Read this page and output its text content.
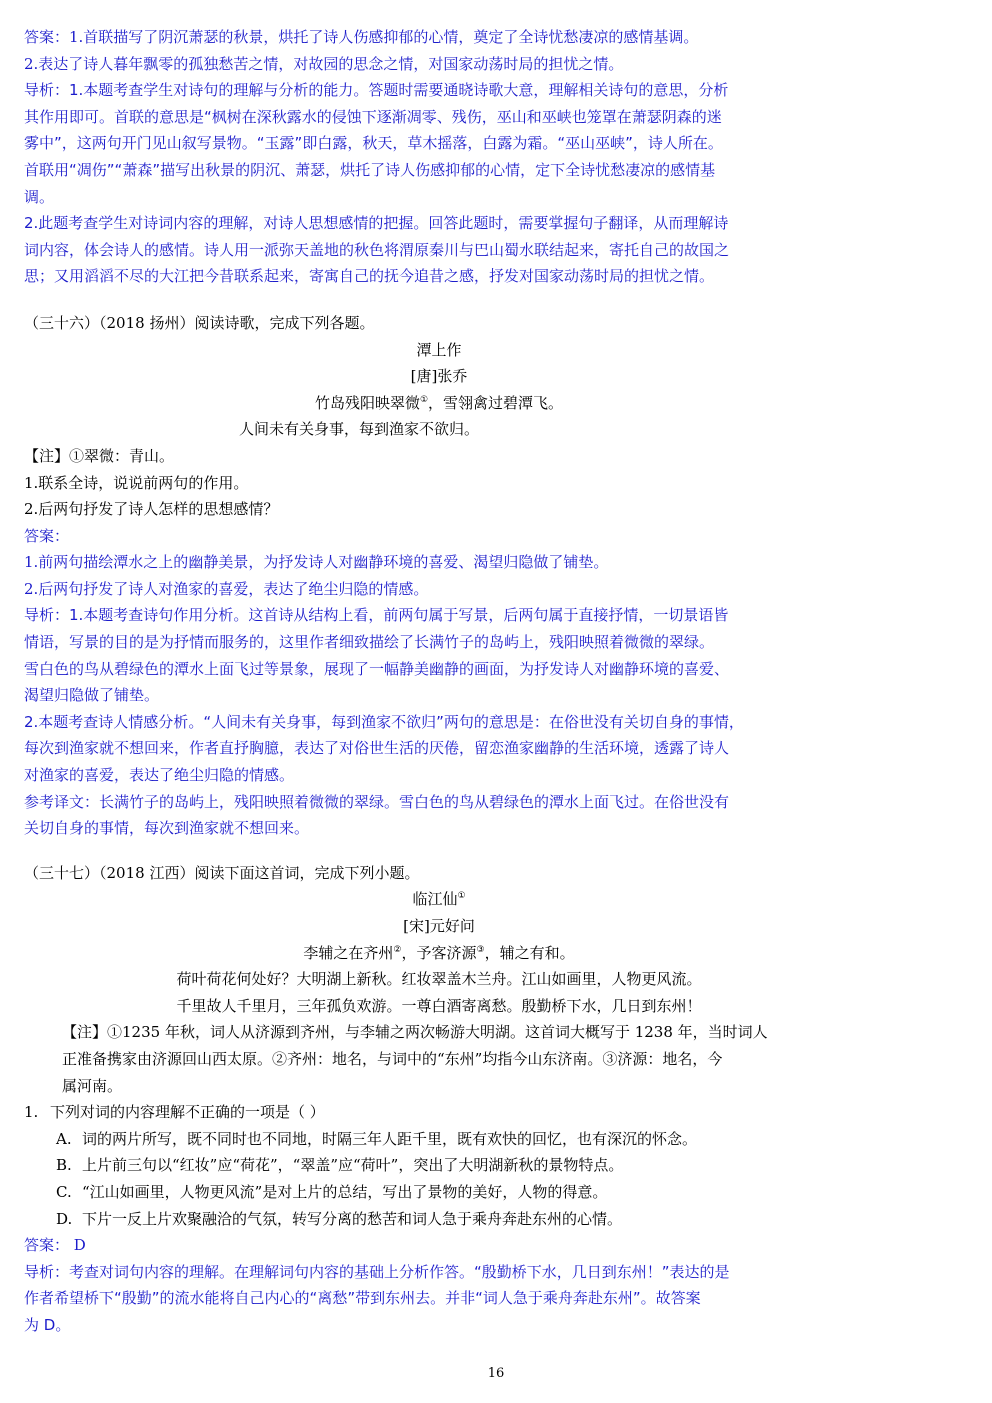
答案：1.首联描写了阴沉萧瑟的秋景，烘托了诗人伤感抑郁的心情，奠定了全诗忧愁凄凉的感情基调。

2.表达了诗人暮年飘零的孤独愁苦之情，对故园的思念之情，对国家动荡时局的担忧之情。

导析：1.本题考查学生对诗句的理解与分析的能力。答题时需要通晓诗歌大意，理解相关诗句的意思，分析

其作用即可。首联的意思是“枫树在深秋露水的侵蚀下逐渐凋零、残伤，巫山和巫峡也笼罩在萧瑟阴森的迷

雾中”，这两句开门见山叙写景物。“玉露”即白露，秋天，草木摇落，白露为霜。“巫山巫峡”，诗人所在。

首联用“凋伤”“萧森”描写出秋景的阴沉、萧瑟，烘托了诗人伤感抑郁的心情，定下全诗忧愁凄凉的感情基

调。

2.此题考查学生对诗词内容的理解，对诗人思想感情的把握。回答此题时，需要掌握句子翻译，从而理解诗

词内容，体会诗人的感情。诗人用一派弥天盖地的秋色将渭原秦川与巴山蜀水联结起来，寄托自己的故国之

思；又用滔滔不尽的大江把今昔联系起来，寄寓自己的抚今追昔之感，抒发对国家动荡时局的担忧之情。

（三十六）（2018 扬州）阅读诗歌，完成下列各题。

潭上作

[唐]张乔

竹岛残阳映翠微①，雪翎禽过碧潭飞。

人间未有关身事，每到渔家不欲归。

【注】①翠微：青山。

1.联系全诗，说说前两句的作用。

2.后两句抒发了诗人怎样的思想感情？

答案：

1.前两句描绘潭水之上的幽静美景，为抒发诗人对幽静环境的喜爱、渴望归隐做了铺垫。

2.后两句抒发了诗人对渔家的喜爱，表达了绝尘归隐的情感。

导析：1.本题考查诗句作用分析。这首诗从结构上看，前两句属于写景，后两句属于直接抒情，一切景语皆

情语，写景的目的是为抒情而服务的，这里作者细致描绘了长满竹子的岛屿上，残阳映照着微微的翠绿。

雪白色的鸟从碧绿色的潭水上面飞过等景象，展现了一幅静美幽静的画面，为抒发诗人对幽静环境的喜爱、

渴望归隐做了铺垫。

2.本题考查诗人情感分析。“人间未有关身事，每到渔家不欲归”两句的意思是：在俗世没有关切自身的事情，

每次到渔家就不想回来，作者直抒胸臆，表达了对俗世生活的厌倦，留恋渔家幽静的生活环境，透露了诗人

对渔家的喜爱，表达了绝尘归隐的情感。

参考译文：长满竹子的岛屿上，残阳映照着微微的翠绿。雪白色的鸟从碧绿色的潭水上面飞过。在俗世没有

关切自身的事情，每次到渔家就不想回来。

（三十七）（2018 江西）阅读下面这首词，完成下列小题。

临江仙①

[宋]元好问

李辅之在齐州②，予客济源③，辅之有和。

荷叶荷花何处好？大明湖上新秋。红妆翠盖木兰舟。江山如画里，人物更风流。

千里故人千里月，三年孤负欢游。一尊白酒寄离愁。殷勤桥下水，几日到东州！

【注】①1235 年秋，词人从济源到齐州，与李辅之两次畅游大明湖。这首词大概写于 1238 年，当时词人

正准备携家由济源回山西太原。②齐州：地名，与词中的“东州”均指今山东济南。③济源：地名，今

属河南。

1. 下列对词的内容理解不正确的一项是（ ）

A. 词的两片所写，既不同时也不同地，时隔三年人距千里，既有欢快的回忆，也有深沉的怀念。

B. 上片前三句以“红妆”应“荷花”，“翠盖”应“荷叶”，突出了大明湖新秋的景物特点。

C. “江山如画里，人物更风流”是对上片的总结，写出了景物的美好，人物的得意。

D. 下片一反上片欢聚融洽的气氛，转写分离的愁苦和词人急于乘舟奔赴东州的心情。

答案： D

导析：考查对词句内容的理解。在理解词句内容的基础上分析作答。“殷勤桥下水，几日到东州！”表达的是

作者希望桥下“殷勤”的流水能将自己内心的“离愁”带到东州去。并非“词人急于乘舟奔赴东州”。故答案

为 D。

16
